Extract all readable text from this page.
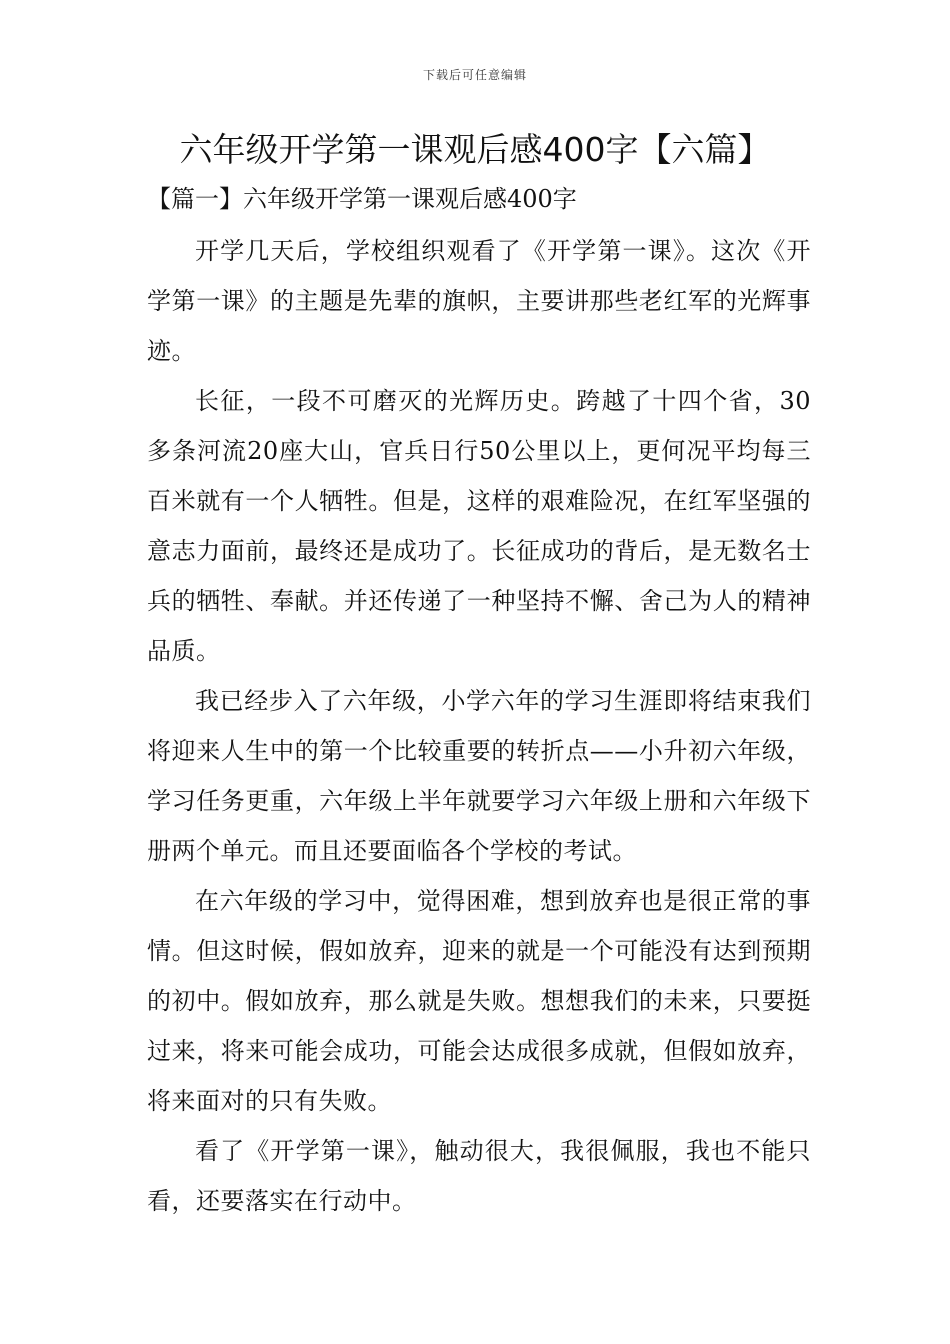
下载后可任意编辑
六年级开学第一课观后感400字【六篇】
【篇一】六年级开学第一课观后感400字

开学几天后，学校组织观看了《开学第一课》。这次《开学第一课》的主题是先辈的旗帜，主要讲那些老红军的光辉事迹。

长征，一段不可磨灭的光辉历史。跨越了十四个省，30多条河流20座大山，官兵日行50公里以上，更何况平均每三百米就有一个人牺牲。但是，这样的艰难险况，在红军坚强的意志力面前，最终还是成功了。长征成功的背后，是无数名士兵的牺牲、奉献。并还传递了一种坚持不懈、舍己为人的精神品质。

我已经步入了六年级，小学六年的学习生涯即将结束我们将迎来人生中的第一个比较重要的转折点——小升初六年级，学习任务更重，六年级上半年就要学习六年级上册和六年级下册两个单元。而且还要面临各个学校的考试。

在六年级的学习中，觉得困难，想到放弃也是很正常的事情。但这时候，假如放弃，迎来的就是一个可能没有达到预期的初中。假如放弃，那么就是失败。想想我们的未来，只要挺过来，将来可能会成功，可能会达成很多成就，但假如放弃，将来面对的只有失败。

看了《开学第一课》，触动很大，我很佩服，我也不能只看，还要落实在行动中。
